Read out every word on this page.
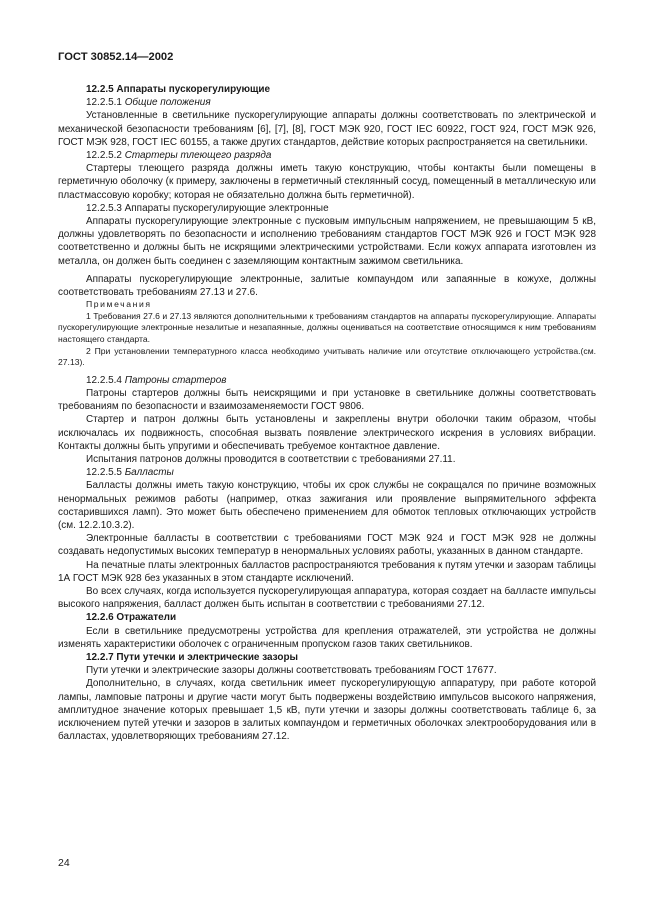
ГОСТ 30852.14—2002

12.2.5 Аппараты пускорегулирующие

12.2.5.1 Общие положения

Установленные в светильнике пускорегулирующие аппараты должны соответствовать по электрической и механической безопасности требованиям [6], [7], [8], ГОСТ МЭК 920, ГОСТ IEC 60922, ГОСТ 924, ГОСТ МЭК 926, ГОСТ МЭК 928, ГОСТ IEC 60155, а также других стандартов, действие которых распространяется на светильники.

12.2.5.2 Стартеры тлеющего разряда

Стартеры тлеющего разряда должны иметь такую конструкцию, чтобы контакты были помещены в герметичную оболочку (к примеру, заключены в герметичный стеклянный сосуд, помещенный в металлическую или пластмассовую коробку; которая не обязательно должна быть герметичной).

12.2.5.3 Аппараты пускорегулирующие электронные

Аппараты пускорегулирующие электронные с пусковым импульсным напряжением, не превышающим 5 кВ, должны удовлетворять по безопасности и исполнению требованиям стандартов ГОСТ МЭК 926 и ГОСТ МЭК 928 соответственно и должны быть не искрящими электрическими устройствами. Если кожух аппарата изготовлен из металла, он должен быть соединен с заземляющим контактным зажимом светильника.

Аппараты пускорегулирующие электронные, залитые компаундом или запаянные в кожухе, должны соответствовать требованиям 27.13 и 27.6.

Примечания

1 Требования 27.6 и 27.13 являются дополнительными к требованиям стандартов на аппараты пускорегулирующие. Аппараты пускорегулирующие электронные незалитые и незапаянные, должны оцениваться на соответствие относящимся к ним требованиям настоящего стандарта.

2 При установлении температурного класса необходимо учитывать наличие или отсутствие отключающего устройства.(см. 27.13).

12.2.5.4 Патроны стартеров

Патроны стартеров должны быть неискрящими и при установке в светильнике должны соответствовать требованиям по безопасности и взаимозаменяемости ГОСТ 9806.

Стартер и патрон должны быть установлены и закреплены внутри оболочки таким образом, чтобы исключалась их подвижность, способная вызвать появление электрического искрения в условиях вибрации. Контакты должны быть упругими и обеспечивать требуемое контактное давление.

Испытания патронов должны проводится в соответствии с требованиями 27.11.

12.2.5.5 Балласты

Балласты должны иметь такую конструкцию, чтобы их срок службы не сокращался по причине возможных ненормальных режимов работы (например, отказ зажигания или проявление выпрямительного эффекта состарившихся ламп). Это может быть обеспечено применением для обмоток тепловых отключающих устройств (см. 12.2.10.3.2).

Электронные балласты в соответствии с требованиями ГОСТ МЭК 924 и ГОСТ МЭК 928 не должны создавать недопустимых высоких температур в ненормальных условиях работы, указанных в данном стандарте.

На печатные платы электронных балластов распространяются требования к путям утечки и зазорам таблицы 1А ГОСТ МЭК 928 без указанных в этом стандарте исключений.

Во всех случаях, когда используется пускорегулирующая аппаратура, которая создает на балласте импульсы высокого напряжения, балласт должен быть испытан в соответствии с требованиями 27.12.

12.2.6 Отражатели

Если в светильнике предусмотрены устройства для крепления отражателей, эти устройства не должны изменять характеристики оболочек с ограниченным пропуском газов таких светильников.

12.2.7 Пути утечки и электрические зазоры

Пути утечки и электрические зазоры должны соответствовать требованиям ГОСТ 17677.

Дополнительно, в случаях, когда светильник имеет пускорегулирующую аппаратуру, при работе которой лампы, ламповые патроны и другие части могут быть подвержены воздействию импульсов высокого напряжения, амплитудное значение которых превышает 1,5 кВ, пути утечки и зазоры должны соответствовать таблице 6, за исключением путей утечки и зазоров в залитых компаундом и герметичных оболочках электрооборудования или в балластах, удовлетворяющих требованиям 27.12.

24
